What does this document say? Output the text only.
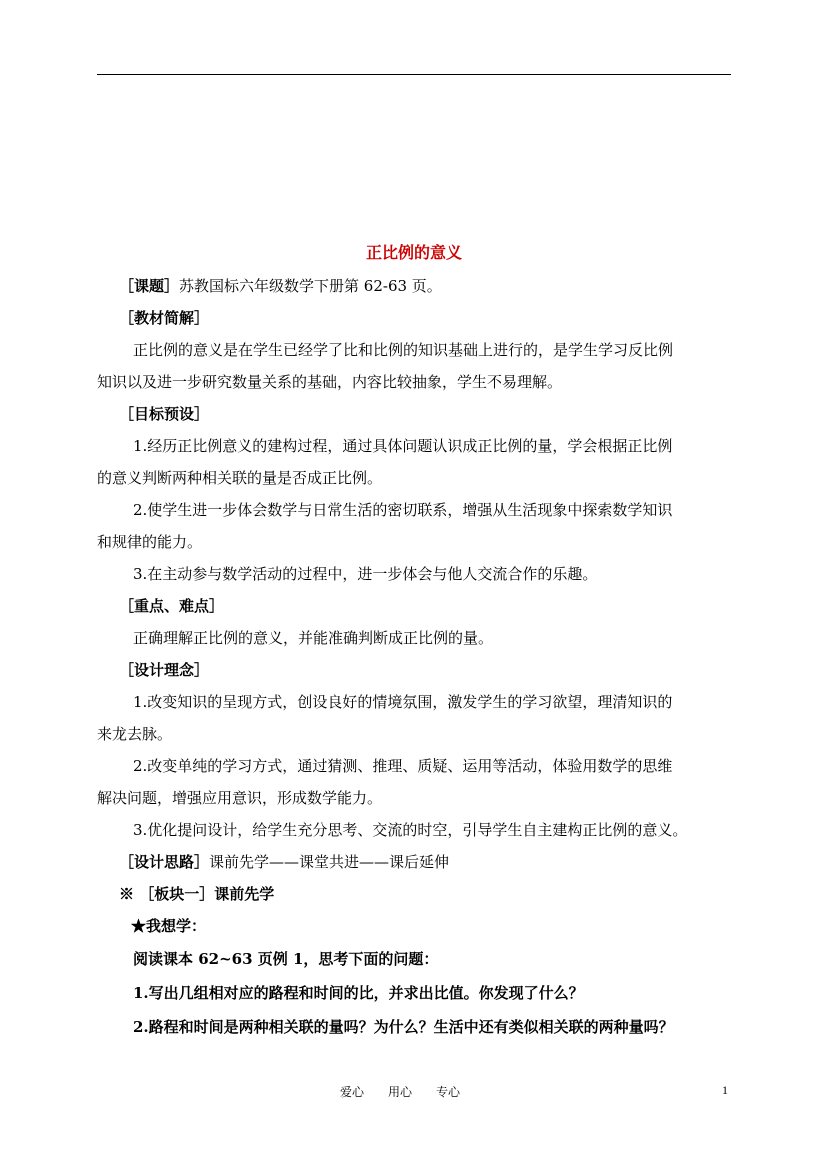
正比例的意义

［课题］苏教国标六年级数学下册第 62-63 页。

［教材简解］

正比例的意义是在学生已经学了比和比例的知识基础上进行的，是学生学习反比例

知识以及进一步研究数量关系的基础，内容比较抽象，学生不易理解。

［目标预设］

1.经历正比例意义的建构过程，通过具体问题认识成正比例的量，学会根据正比例

的意义判断两种相关联的量是否成正比例。

2.使学生进一步体会数学与日常生活的密切联系，增强从生活现象中探索数学知识

和规律的能力。

3.在主动参与数学活动的过程中，进一步体会与他人交流合作的乐趣。

［重点、难点］

正确理解正比例的意义，并能准确判断成正比例的量。

［设计理念］

1.改变知识的呈现方式，创设良好的情境氛围，激发学生的学习欲望，理清知识的

来龙去脉。

2.改变单纯的学习方式，通过猜测、推理、质疑、运用等活动，体验用数学的思维

解决问题，增强应用意识，形成数学能力。

3.优化提问设计，给学生充分思考、交流的时空，引导学生自主建构正比例的意义。

［设计思路］课前先学——课堂共进——课后延伸

※ ［板块一］课前先学

★我想学：

阅读课本 62~63 页例 1，思考下面的问题：

1.写出几组相对应的路程和时间的比，并求出比值。你发现了什么？

2.路程和时间是两种相关联的量吗？为什么？生活中还有类似相关联的两种量吗？

爱心　　用心　　专心	1
